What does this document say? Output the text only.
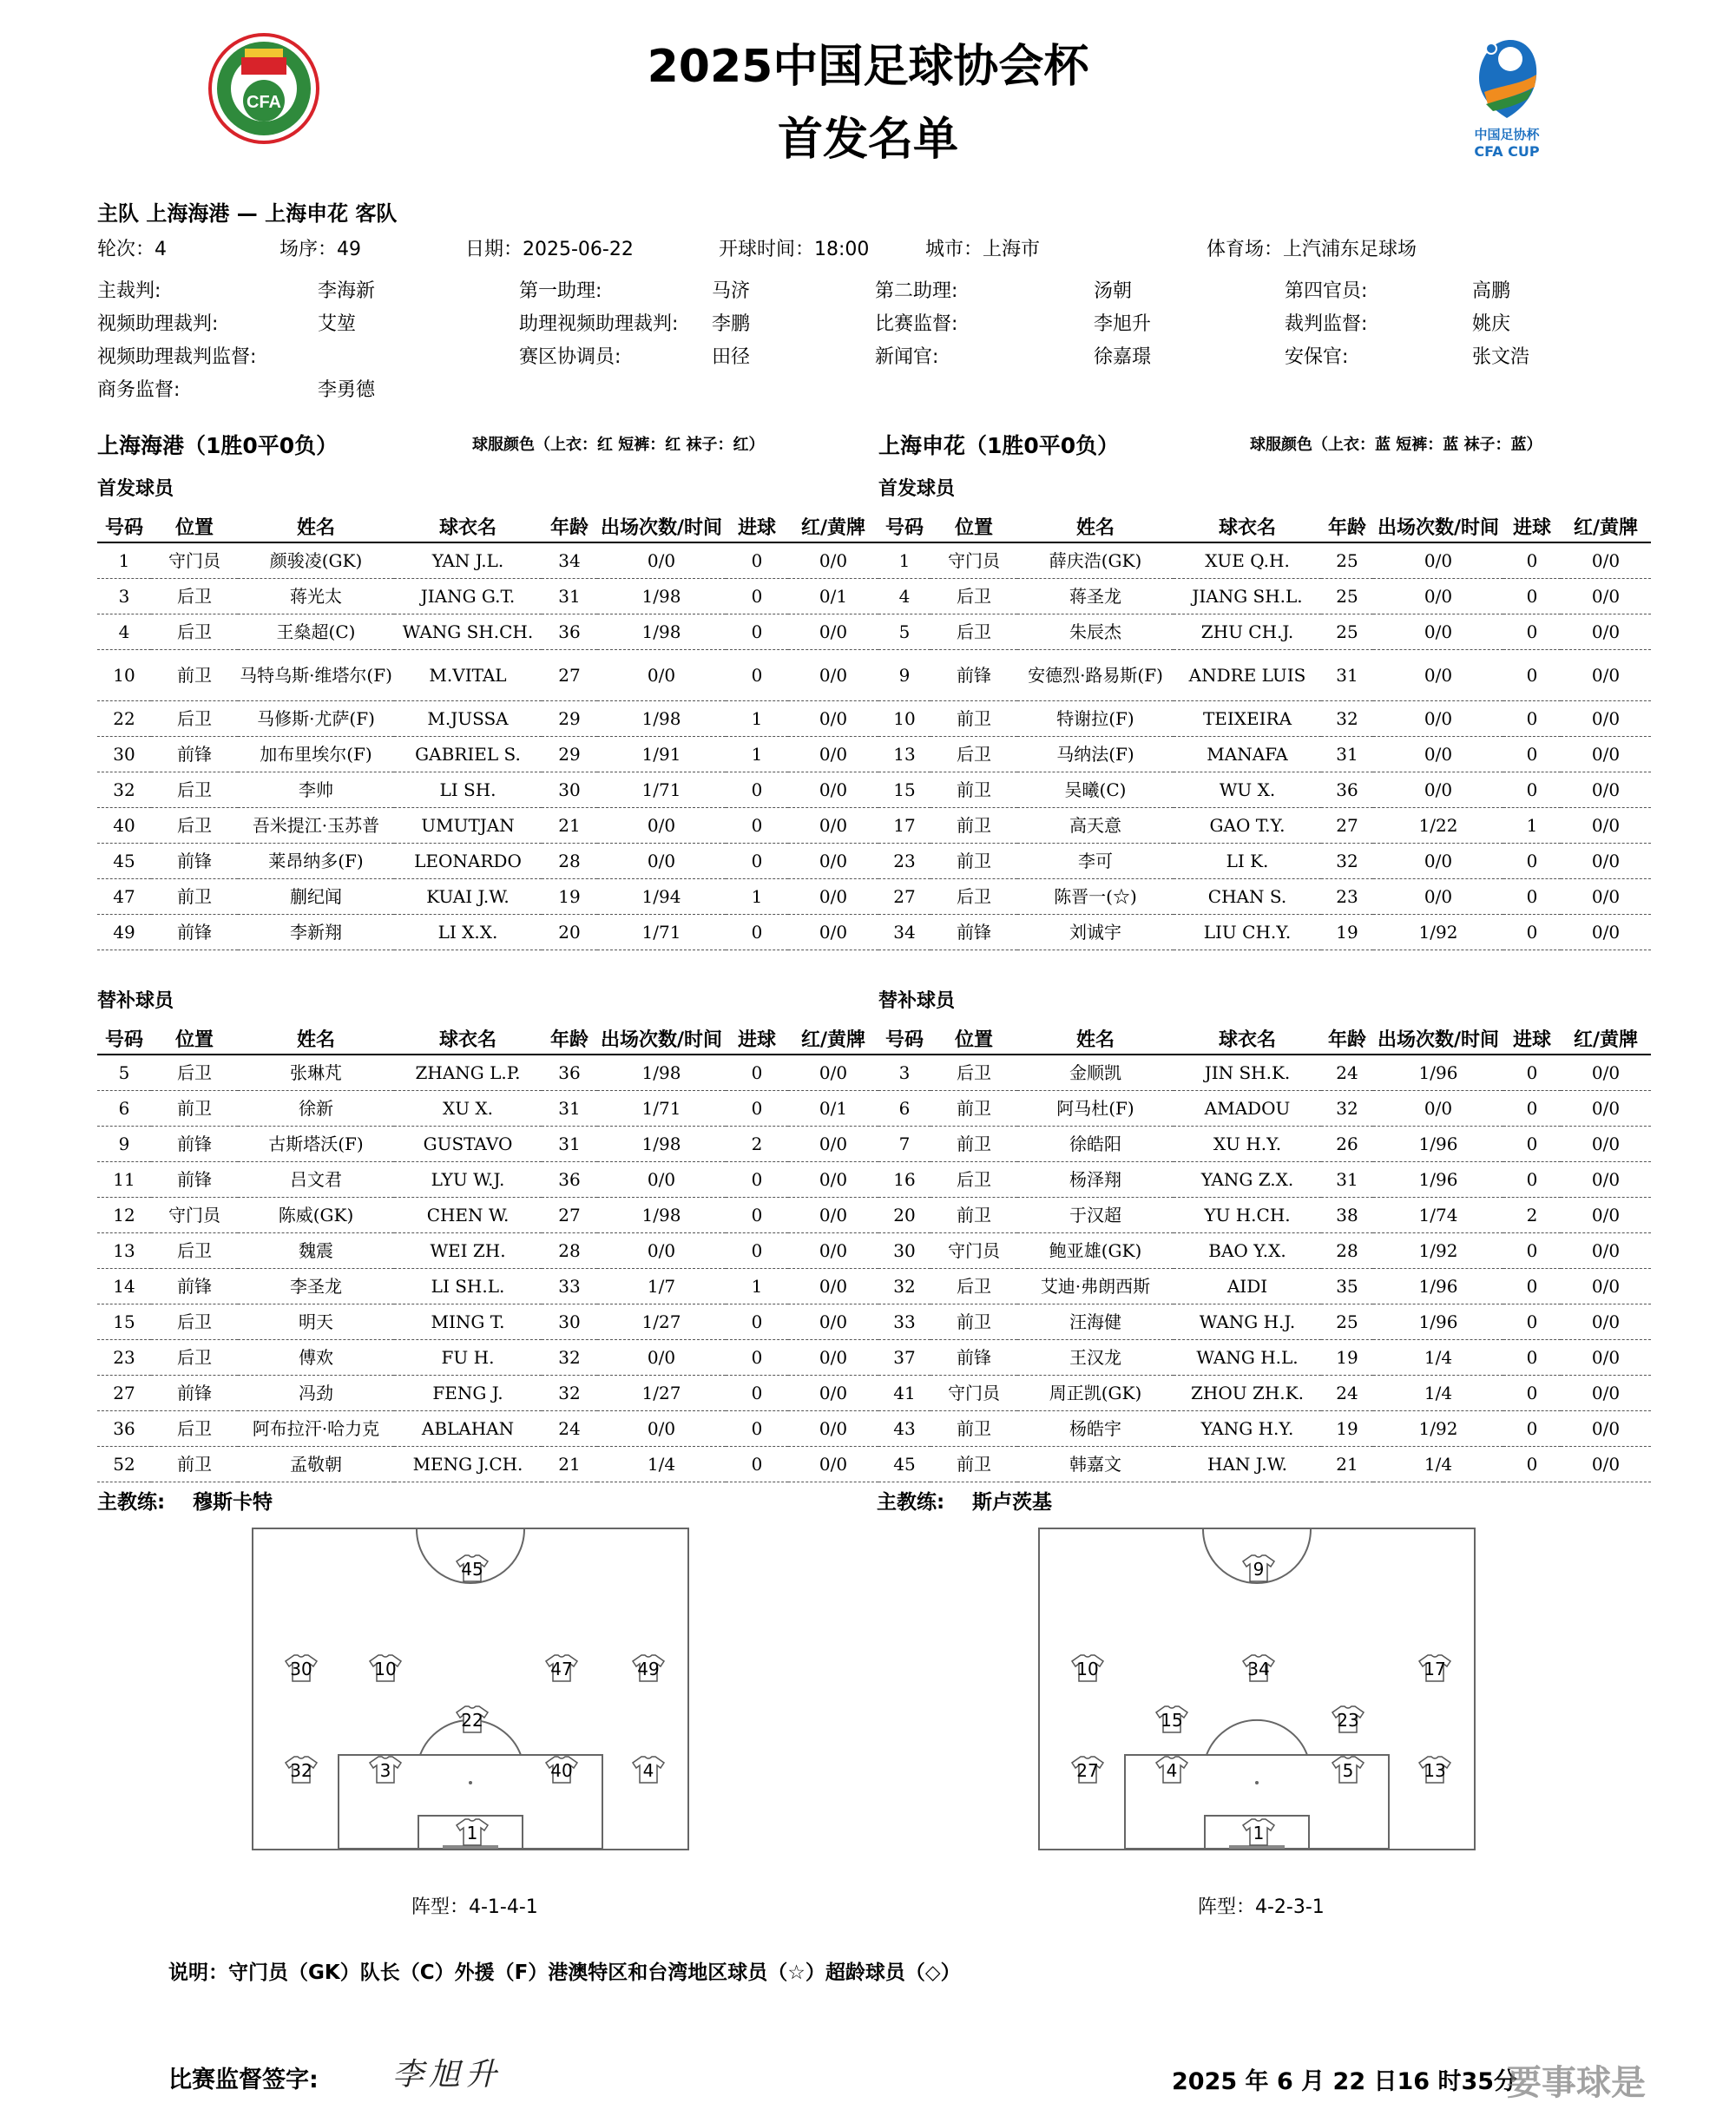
CFA
中国足协杯
CFA CUP
2025中国足球协会杯
首发名单
主队 上海海港 — 上海申花 客队
轮次：4	场序：49	日期：2025-06-22	开球时间：18:00	城市：上海市	体育场：上汽浦东足球场
主裁判:	李海新	第一助理:	马济	第二助理:	汤朝	第四官员:	高鹏
视频助理裁判:	艾堃	助理视频助理裁判: 李鹏	比赛监督:	李旭升	裁判监督:	姚庆
视频助理裁判监督:	赛区协调员:	田径	新闻官:	徐嘉璟	安保官:	张文浩
商务监督:	李勇德
上海海港（1胜0平0负）	球服颜色（上衣：红 短裤：红 袜子：红）
首发球员
号码	位置	姓名	球衣名	年龄	出场次数/时间	进球	红/黄牌
1	守门员	颜骏凌(GK)	YAN J.L.	34	0/0	0	0/0
3	后卫	蒋光太	JIANG G.T.	31	1/98	0	0/1
4	后卫	王燊超(C)	WANG SH.CH.	36	1/98	0	0/0
10	前卫	马特乌斯·维塔尔(F)	M.VITAL	27	0/0	0	0/0
22	后卫	马修斯·尤萨(F)	M.JUSSA	29	1/98	1	0/0
30	前锋	加布里埃尔(F)	GABRIEL S.	29	1/91	1	0/0
32	后卫	李帅	LI SH.	30	1/71	0	0/0
40	后卫	吾米提江·玉苏普	UMUTJAN	21	0/0	0	0/0
45	前锋	莱昂纳多(F)	LEONARDO	28	0/0	0	0/0
47	前卫	蒯纪闻	KUAI J.W.	19	1/94	1	0/0
49	前锋	李新翔	LI X.X.	20	1/71	0	0/0
替补球员
号码	位置	姓名	球衣名	年龄	出场次数/时间	进球	红/黄牌
5	后卫	张琳芃	ZHANG L.P.	36	1/98	0	0/0
6	前卫	徐新	XU X.	31	1/71	0	0/1
9	前锋	古斯塔沃(F)	GUSTAVO	31	1/98	2	0/0
11	前锋	吕文君	LYU W.J.	36	0/0	0	0/0
12	守门员	陈威(GK)	CHEN W.	27	1/98	0	0/0
13	后卫	魏震	WEI ZH.	28	0/0	0	0/0
14	前锋	李圣龙	LI SH.L.	33	1/7	1	0/0
15	后卫	明天	MING T.	30	1/27	0	0/0
23	后卫	傅欢	FU H.	32	0/0	0	0/0
27	前锋	冯劲	FENG J.	32	1/27	0	0/0
36	后卫	阿布拉汗·哈力克	ABLAHAN	24	0/0	0	0/0
52	前卫	孟敬朝	MENG J.CH.	21	1/4	0	0/0
主教练: 穆斯卡特
上海申花（1胜0平0负）	球服颜色（上衣：蓝 短裤：蓝 袜子：蓝）
首发球员
号码	位置	姓名	球衣名	年龄	出场次数/时间	进球	红/黄牌
1	守门员	薛庆浩(GK)	XUE Q.H.	25	0/0	0	0/0
4	后卫	蒋圣龙	JIANG SH.L.	25	0/0	0	0/0
5	后卫	朱辰杰	ZHU CH.J.	25	0/0	0	0/0
9	前锋	安德烈·路易斯(F)	ANDRE LUIS	31	0/0	0	0/0
10	前卫	特谢拉(F)	TEIXEIRA	32	0/0	0	0/0
13	后卫	马纳法(F)	MANAFA	31	0/0	0	0/0
15	前卫	吴曦(C)	WU X.	36	0/0	0	0/0
17	前卫	高天意	GAO T.Y.	27	1/22	1	0/0
23	前卫	李可	LI K.	32	0/0	0	0/0
27	后卫	陈晋一(☆)	CHAN S.	23	0/0	0	0/0
34	前锋	刘诚宇	LIU CH.Y.	19	1/92	0	0/0
替补球员
号码	位置	姓名	球衣名	年龄	出场次数/时间	进球	红/黄牌
3	后卫	金顺凯	JIN SH.K.	24	1/96	0	0/0
6	前卫	阿马杜(F)	AMADOU	32	0/0	0	0/0
7	前卫	徐皓阳	XU H.Y.	26	1/96	0	0/0
16	后卫	杨泽翔	YANG Z.X.	31	1/96	0	0/0
20	前卫	于汉超	YU H.CH.	38	1/74	2	0/0
30	守门员	鲍亚雄(GK)	BAO Y.X.	28	1/92	0	0/0
32	后卫	艾迪·弗朗西斯	AIDI	35	1/96	0	0/0
33	前卫	汪海健	WANG H.J.	25	1/96	0	0/0
37	前锋	王汉龙	WANG H.L.	19	1/4	0	0/0
41	守门员	周正凯(GK)	ZHOU ZH.K.	24	1/4	0	0/0
43	前卫	杨皓宇	YANG H.Y.	19	1/92	0	0/0
45	前卫	韩嘉文	HAN J.W.	21	1/4	0	0/0
主教练: 斯卢茨基
45
30	10	47	49
22
32	3	40	4
1
阵型：4-1-4-1
9
10	34	17
15	23
27	4	5	13
1
阵型：4-2-3-1
说明：守门员（GK）队长（C）外援（F）港澳特区和台湾地区球员（☆）超龄球员（◇）
比赛监督签字: 李旭升	2025 年 6 月 22 日16 时35分
要事球是
